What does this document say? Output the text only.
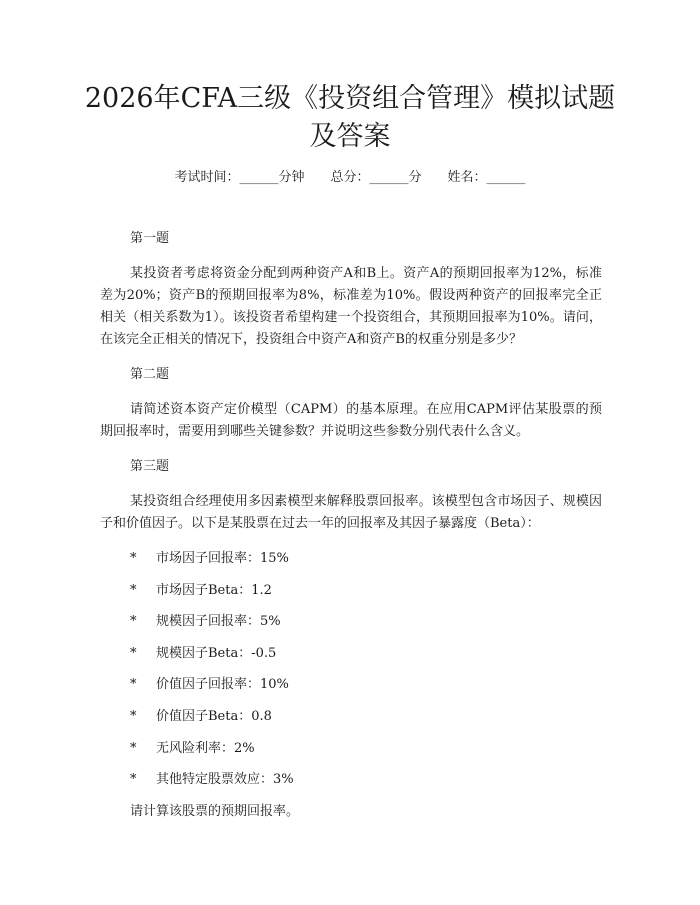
2026年CFA三级《投资组合管理》模拟试题及答案
考试时间：______分钟 总分：______分 姓名：______

第一题

某投资者考虑将资金分配到两种资产A和B上。资产A的预期回报率为12%，标准差为20%；资产B的预期回报率为8%，标准差为10%。假设两种资产的回报率完全正相关（相关系数为1）。该投资者希望构建一个投资组合，其预期回报率为10%。请问，在该完全正相关的情况下，投资组合中资产A和资产B的权重分别是多少？

第二题

请简述资本资产定价模型（CAPM）的基本原理。在应用CAPM评估某股票的预期回报率时，需要用到哪些关键参数？并说明这些参数分别代表什么含义。

第三题

某投资组合经理使用多因素模型来解释股票回报率。该模型包含市场因子、规模因子和价值因子。以下是某股票在过去一年的回报率及其因子暴露度（Beta）：

*	市场因子回报率：15%
*	市场因子Beta：1.2
*	规模因子回报率：5%
*	规模因子Beta：-0.5
*	价值因子回报率：10%
*	价值因子Beta：0.8
*	无风险利率：2%
*	其他特定股票效应：3%

请计算该股票的预期回报率。
